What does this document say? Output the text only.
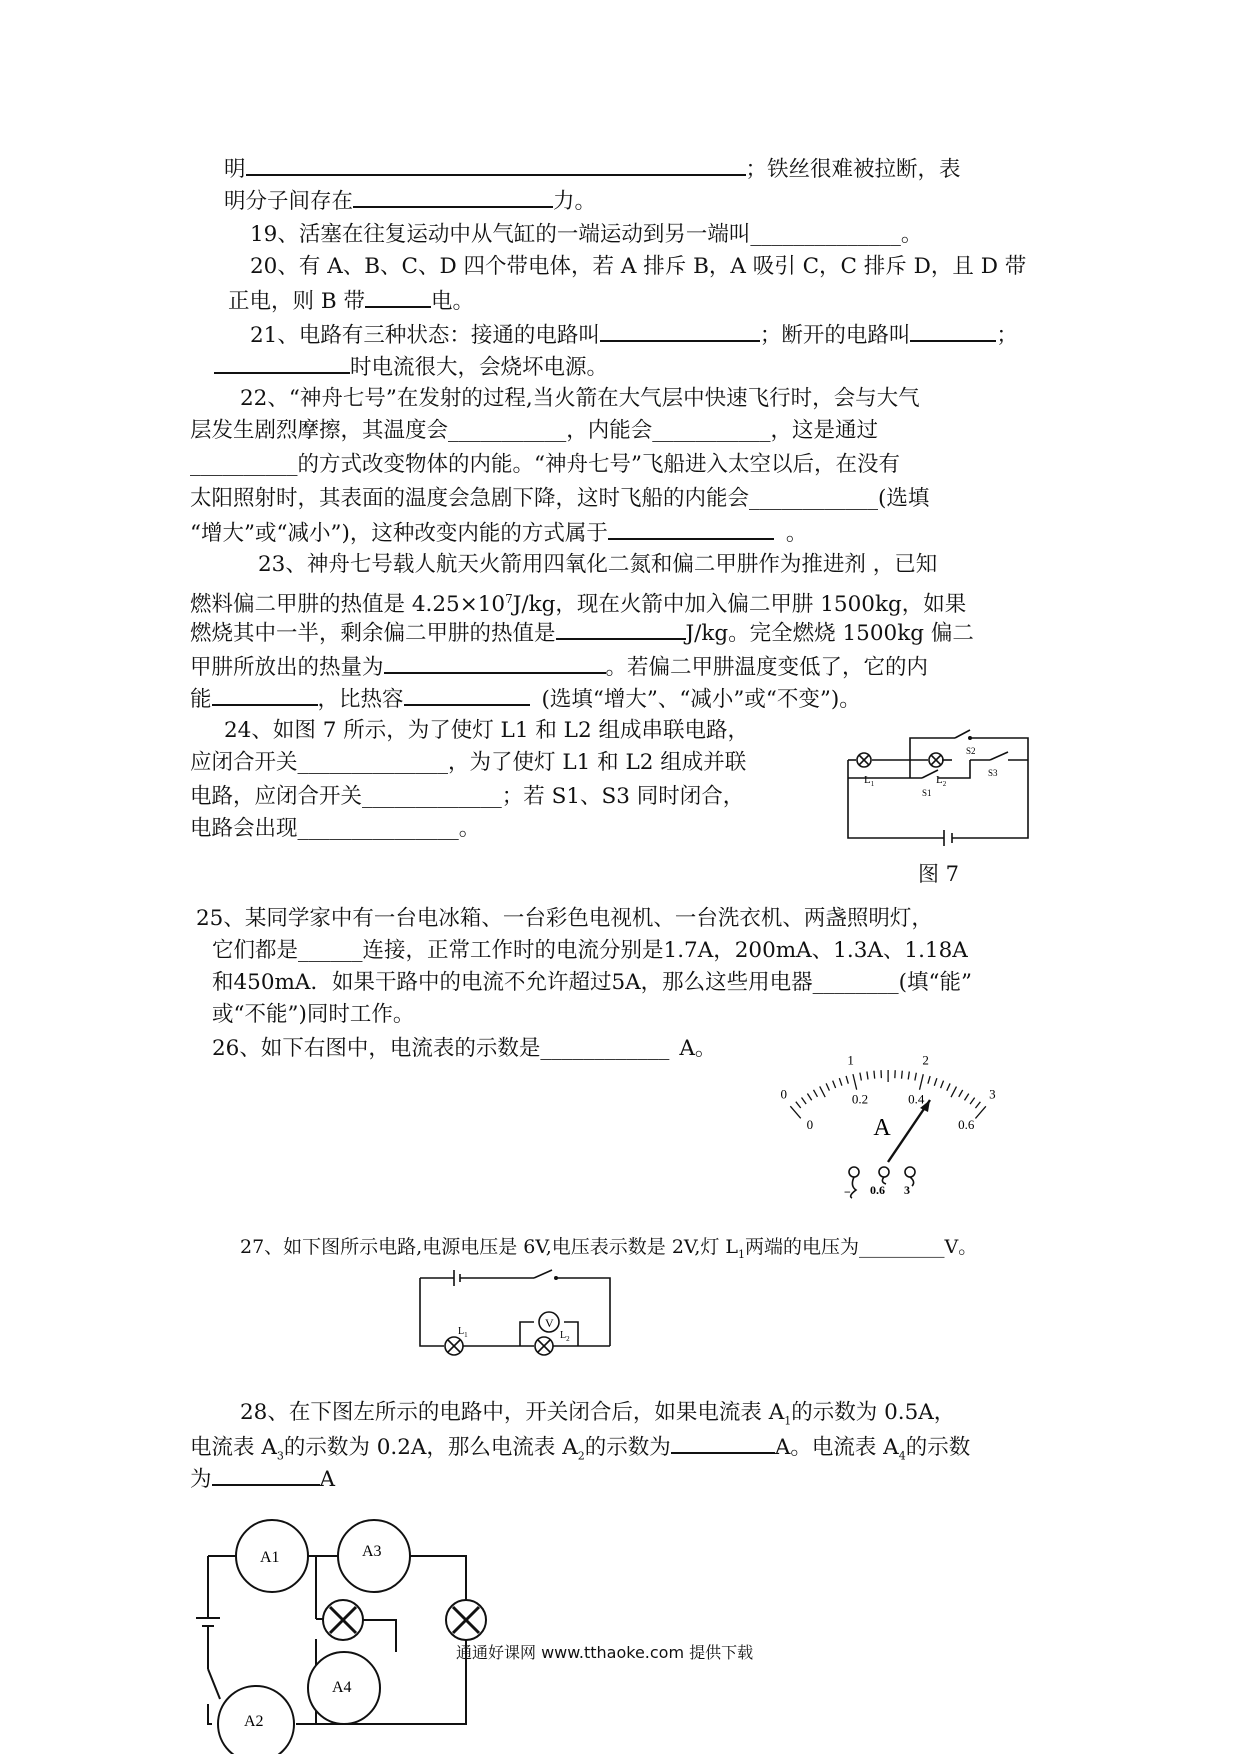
明	；铁丝很难被拉断，表
明分子间存在	力。
19、活塞在往复运动中从气缸的一端运动到另一端叫______________。
20、有 A、B、C、D 四个带电体，若 A 排斥 B，A 吸引 C，C 排斥 D，且 D 带
正电，则 B 带	电。
21、电路有三种状态：接通的电路叫	；断开的电路叫	；
时电流很大，会烧坏电源。
22、“神舟七号”在发射的过程,当火箭在大气层中快速飞行时，会与大气
层发生剧烈摩擦，其温度会___________，内能会___________，这是通过
__________的方式改变物体的内能。“神舟七号”飞船进入太空以后，在没有
太阳照射时，其表面的温度会急剧下降，这时飞船的内能会____________(选填
“增大”或“减小”)，这种改变内能的方式属于	。
23、神舟七号载人航天火箭用四氧化二氮和偏二甲肼作为推进剂 ，已知
燃料偏二甲肼的热值是 $4.25\times 10^7J/kg$，现在火箭中加入偏二甲肼 1500kg，如果
燃烧其中一半，剩余偏二甲肼的热值是	J/kg。完全燃烧 1500kg 偏二
甲肼所放出的热量为	。若偏二甲肼温度变低了，它的内
能	，比热容	(选填“增大”、“减小”或“不变”)。
24、如图 7 所示，为了使灯 L1 和 L2 组成串联电路，
应闭合开关______________，为了使灯 L1 和 L2 组成并联
电路，应闭合开关_____________；若 S1、S3 同时闭合，
电路会出现_______________。
$L_1$	$L_2$
S1
S2
S3
图 7
25、某同学家中有一台电冰箱、一台彩色电视机、一台洗衣机、两盏照明灯，
它们都是______连接，正常工作时的电流分别是1.7A，200mA、1.3A、1.18A
和450mA．如果干路中的电流不允许超过5A，那么这些用电器________(填“能”
或“不能”)同时工作。
26、如下右图中，电流表的示数是____________ A。
0
1	2
3
0
0.2	0.4
0.6
A
− 0.6 3
27、如下图所示电路,电源电压是 6V,电压表示数是 2V,灯 $L_1$两端的电压为_________V。
V
$L_1$	$L_2$
28、在下图左所示的电路中，开关闭合后，如果电流表 $A_1$的示数为 0.5A，
电流表 $A_3$的示数为 0.2A，那么电流表 $A_2$的示数为	A。电流表 $A_4$的示数
为	A
A1	A3
A4
A2
通通好课网 www.tthaoke.com 提供下载
